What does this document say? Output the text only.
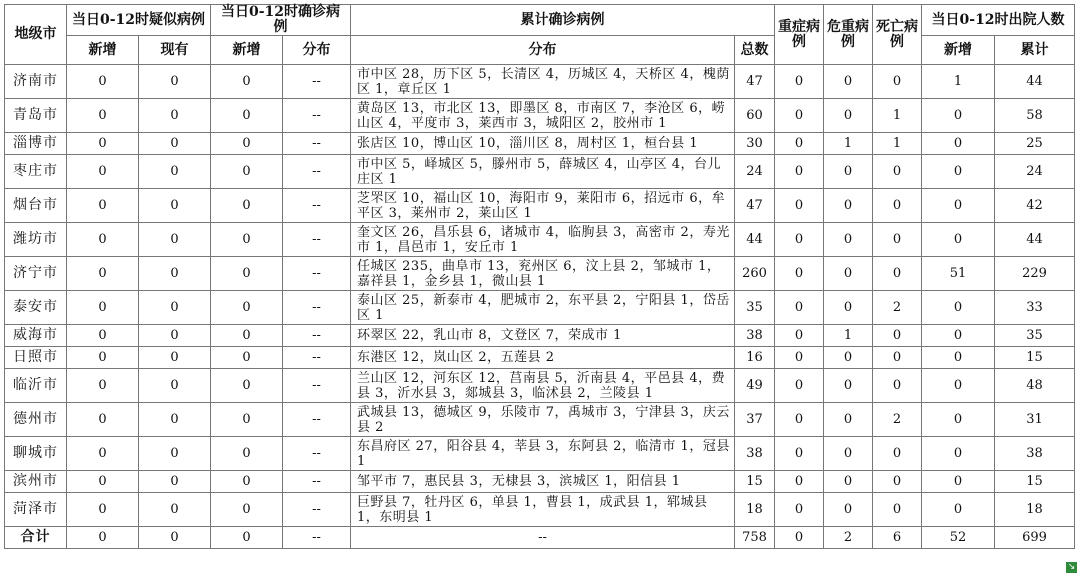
地级市	当日0-12时疑似病例		当日0-12时确诊病例		累计确诊病例		重症病例	危重病例	死亡病例	当日0-12时出院人数	
	新增	现有	新增	分布	分布	总数				新增	累计
济南市	0	0	0	--	市中区 28，历下区 5，长清区 4，历城区 4，天桥区 4，槐荫区 1，章丘区 1	47	0	0	0	1	44
青岛市	0	0	0	--	黄岛区 13，市北区 13，即墨区 8，市南区 7，李沧区 6，崂山区 4，平度市 3，莱西市 3，城阳区 2，胶州市 1	60	0	0	1	0	58
淄博市	0	0	0	--	张店区 10，博山区 10，淄川区 8，周村区 1，桓台县 1	30	0	1	1	0	25
枣庄市	0	0	0	--	市中区 5，峄城区 5，滕州市 5，薛城区 4，山亭区 4，台儿庄区 1	24	0	0	0	0	24
烟台市	0	0	0	--	芝罘区 10，福山区 10，海阳市 9，莱阳市 6，招远市 6，牟平区 3，莱州市 2，莱山区 1	47	0	0	0	0	42
潍坊市	0	0	0	--	奎文区 26，昌乐县 6，诸城市 4，临朐县 3，高密市 2，寿光市 1，昌邑市 1，安丘市 1	44	0	0	0	0	44
济宁市	0	0	0	--	任城区 235，曲阜市 13，兖州区 6，汶上县 2，邹城市 1，嘉祥县 1，金乡县 1，微山县 1	260	0	0	0	51	229
泰安市	0	0	0	--	泰山区 25，新泰市 4，肥城市 2，东平县 2，宁阳县 1，岱岳区 1	35	0	0	2	0	33
威海市	0	0	0	--	环翠区 22，乳山市 8，文登区 7，荣成市 1	38	0	1	0	0	35
日照市	0	0	0	--	东港区 12，岚山区 2，五莲县 2	16	0	0	0	0	15
临沂市	0	0	0	--	兰山区 12，河东区 12，莒南县 5，沂南县 4，平邑县 4，费县 3，沂水县 3，郯城县 3，临沭县 2，兰陵县 1	49	0	0	0	0	48
德州市	0	0	0	--	武城县 13，德城区 9，乐陵市 7，禹城市 3，宁津县 3，庆云县 2	37	0	0	2	0	31
聊城市	0	0	0	--	东昌府区 27，阳谷县 4，莘县 3，东阿县 2，临清市 1，冠县 1	38	0	0	0	0	38
滨州市	0	0	0	--	邹平市 7，惠民县 3，无棣县 3，滨城区 1，阳信县 1	15	0	0	0	0	15
菏泽市	0	0	0	--	巨野县 7，牡丹区 6，单县 1，曹县 1，成武县 1，郓城县 1，东明县 1	18	0	0	0	0	18
合计	0	0	0	--	--	758	0	2	6	52	699
↘
